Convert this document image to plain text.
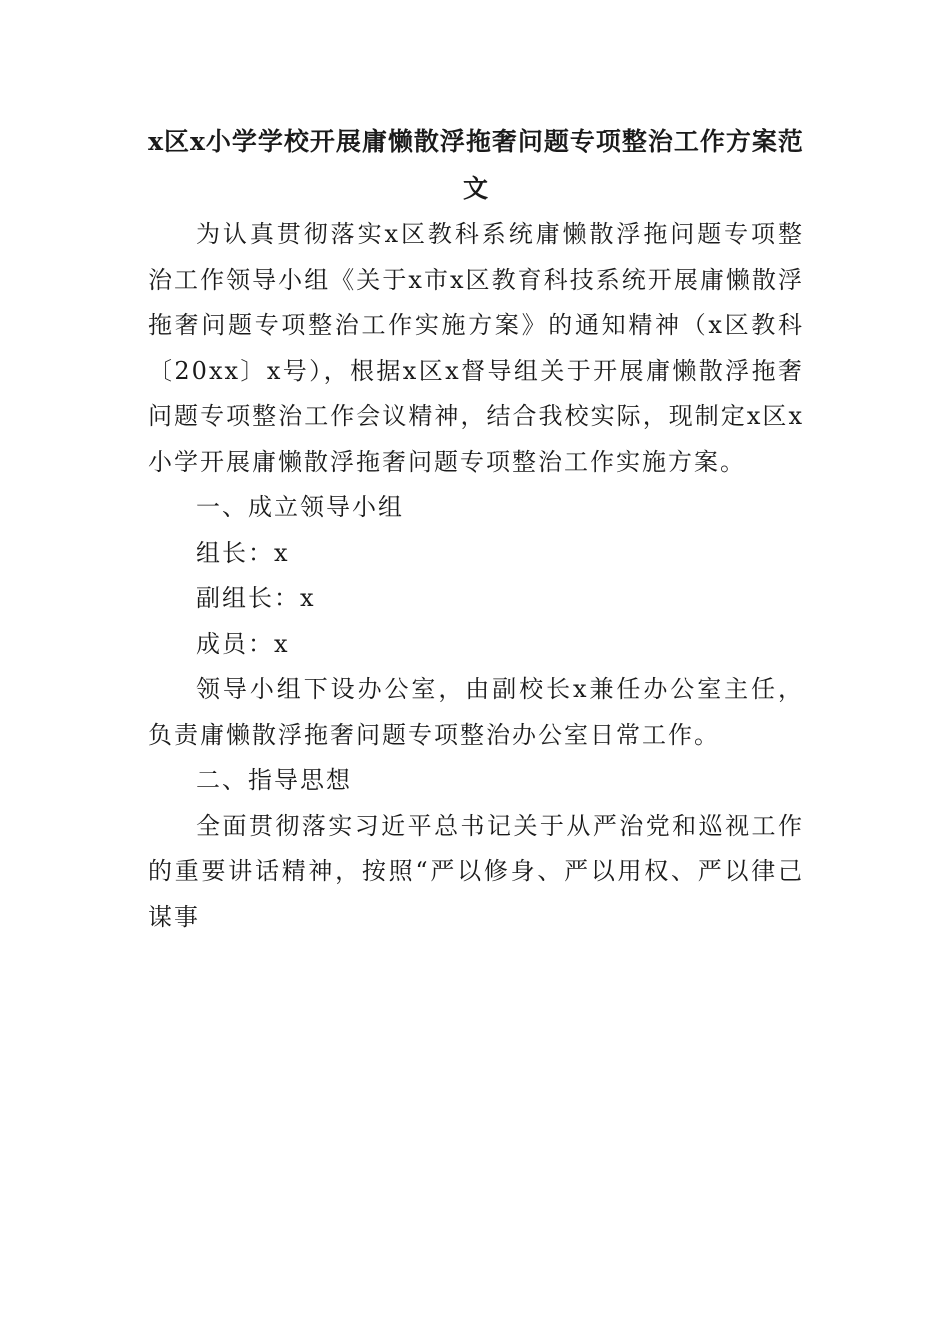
x区x小学学校开展庸懒散浮拖奢问题专项整治工作方案范文

为认真贯彻落实x区教科系统庸懒散浮拖问题专项整治工作领导小组《关于x市x区教育科技系统开展庸懒散浮拖奢问题专项整治工作实施方案》的通知精神（x区教科〔20xx〕x号），根据x区x督导组关于开展庸懒散浮拖奢问题专项整治工作会议精神，结合我校实际，现制定x区x小学开展庸懒散浮拖奢问题专项整治工作实施方案。

一、成立领导小组

组长：x

副组长：x

成员：x

领导小组下设办公室，由副校长x兼任办公室主任，负责庸懒散浮拖奢问题专项整治办公室日常工作。

二、指导思想

全面贯彻落实习近平总书记关于从严治党和巡视工作的重要讲话精神，按照“严以修身、严以用权、严以律己谋事
